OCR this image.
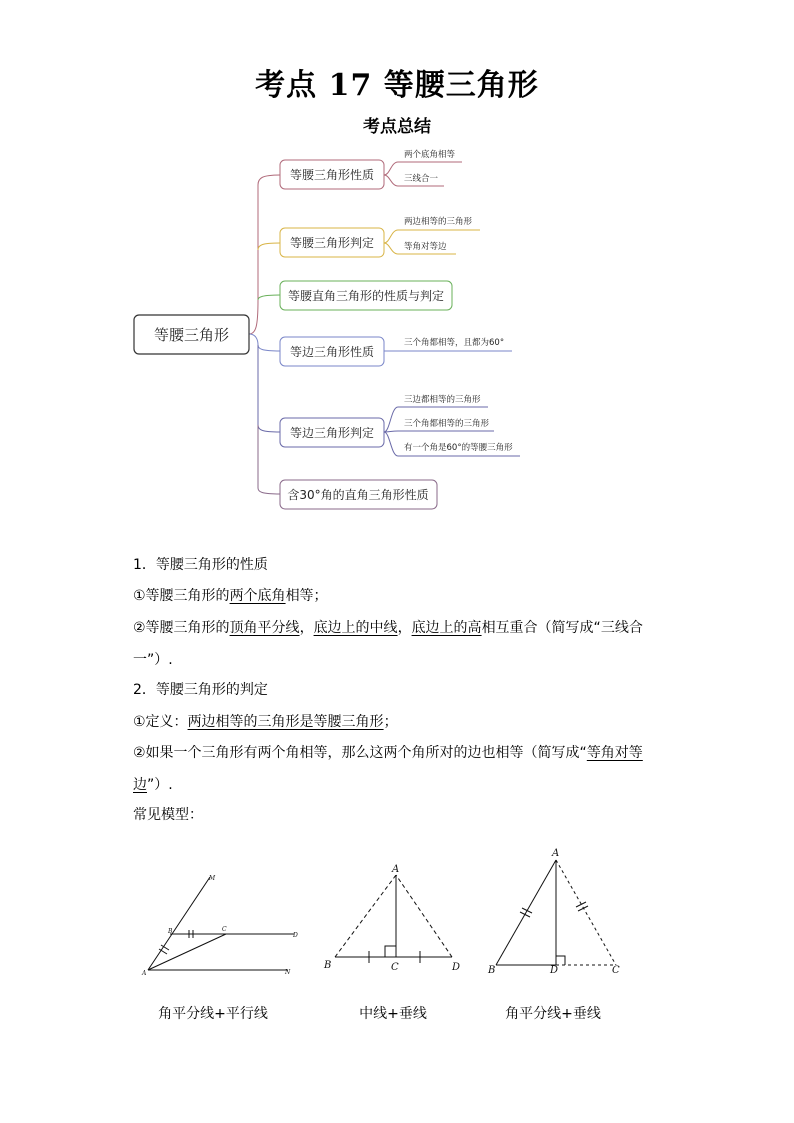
考点 17 等腰三角形
考点总结
等腰三角形
等腰三角形性质
两个底角相等
三线合一
等腰三角形判定
两边相等的三角形
等角对等边
等腰直角三角形的性质与判定
等边三角形性质
三个角都相等，且都为60°
等边三角形判定
三边都相等的三角形
三个角都相等的三角形
有一个角是60°的等腰三角形
含30°角的直角三角形性质
1．等腰三角形的性质
①等腰三角形的两个底角相等；
②等腰三角形的顶角平分线，底边上的中线，底边上的高相互重合（简写成“三线合
一”）.
2．等腰三角形的判定
①定义：两边相等的三角形是等腰三角形；
②如果一个三角形有两个角相等，那么这两个角所对的边也相等（简写成“等角对等
边”）.
常见模型：
A
B	C
D
M
N
A
B	C	D
A
B	C
D
角平分线+平行线	中线+垂线	角平分线+垂线
